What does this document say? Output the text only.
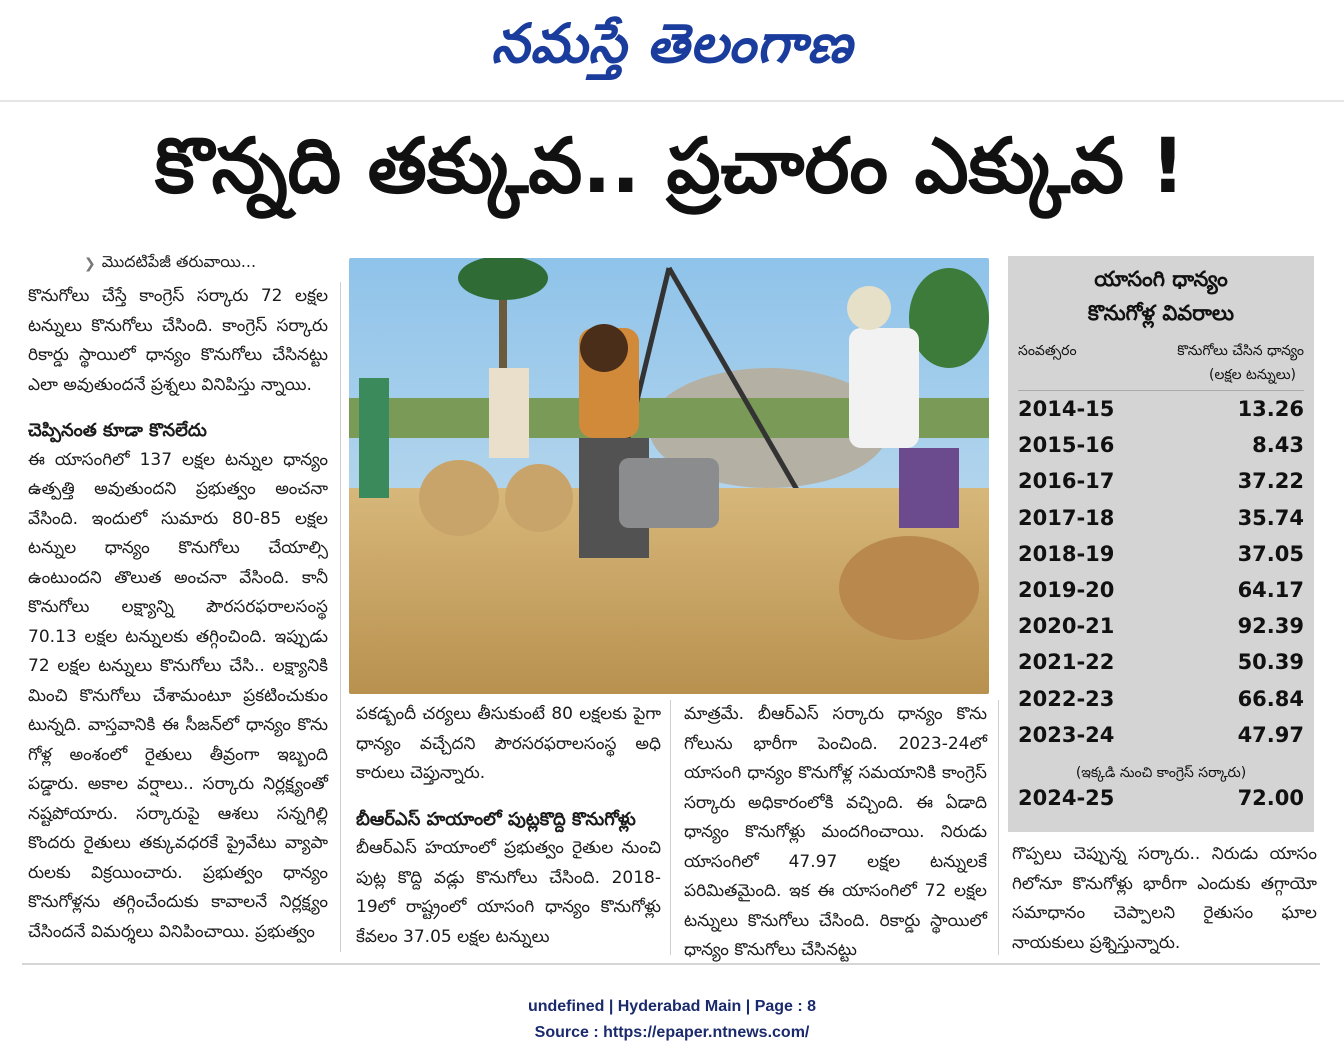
నమస్తే తెలంగాణ
కొన్నది తక్కువ.. ప్రచారం ఎక్కువ !
❯ మొదటిపేజీ తరువాయి...

కొనుగోలు చేస్తే కాంగ్రెస్ సర్కారు 72 లక్షల టన్నులు కొనుగోలు చేసింది. కాంగ్రెస్ సర్కారు రికార్డు స్థాయిలో ధాన్యం కొనుగోలు చేసినట్టు ఎలా అవుతుందనే ప్రశ్నలు వినిపిస్తు న్నాయి.

చెప్పినంత కూడా కొనలేదు

ఈ యాసంగిలో 137 లక్షల టన్నుల ధాన్యం ఉత్పత్తి అవుతుందని ప్రభుత్వం అంచనా వేసింది. ఇందులో సుమారు 80-85 లక్షల టన్నుల ధాన్యం కొనుగోలు చేయాల్సి ఉంటుందని తొలుత అంచనా వేసింది. కానీ కొనుగోలు లక్ష్యాన్ని పౌరసరఫరాలసంస్థ 70.13 లక్షల టన్నులకు తగ్గించింది. ఇప్పుడు 72 లక్షల టన్నులు కొనుగోలు చేసి.. లక్ష్యానికి మించి కొనుగోలు చేశామంటూ ప్రకటించుకుం టున్నది. వాస్తవానికి ఈ సీజన్‌లో ధాన్యం కొను గోళ్ల అంశంలో రైతులు తీవ్రంగా ఇబ్బంది పడ్డారు. అకాల వర్షాలు.. సర్కారు నిర్లక్ష్యంతో నష్టపోయారు. సర్కారుపై ఆశలు సన్నగిల్లి కొందరు రైతులు తక్కువధరకే ప్రైవేటు వ్యాపా రులకు విక్రయించారు. ప్రభుత్వం ధాన్యం కొనుగోళ్లను తగ్గించేందుకు కావాలనే నిర్లక్ష్యం చేసిందనే విమర్శలు వినిపించాయి. ప్రభుత్వం

పకడ్బందీ చర్యలు తీసుకుంటే 80 లక్షలకు పైగా ధాన్యం వచ్చేదని పౌరసరఫరాలసంస్థ అధి కారులు చెప్తున్నారు.

బీఆర్‌ఎస్ హయాంలో పుట్లకొద్ది కొనుగోళ్లు

బీఆర్‌ఎస్ హయాంలో ప్రభుత్వం రైతుల నుంచి పుట్ల కొద్ది వడ్లు కొనుగోలు చేసింది. 2018-19లో రాష్ట్రంలో యాసంగి ధాన్యం కొనుగోళ్లు కేవలం 37.05 లక్షల టన్నులు

మాత్రమే. బీఆర్‌ఎస్ సర్కారు ధాన్యం కొను గోలును భారీగా పెంచింది. 2023-24లో యాసంగి ధాన్యం కొనుగోళ్ల సమయానికి కాంగ్రెస్ సర్కారు అధికారంలోకి వచ్చింది. ఈ ఏడాది ధాన్యం కొనుగోళ్లు మందగించాయి. నిరుడు యాసంగిలో 47.97 లక్షల టన్నులకే పరిమితమైంది. ఇక ఈ యాసంగిలో 72 లక్షల టన్నులు కొనుగోలు చేసింది. రికార్డు స్థాయిలో ధాన్యం కొనుగోలు చేసినట్టు

యాసంగి ధాన్యం
కొనుగోళ్ల వివరాలు
సంవత్సరం	కొనుగోలు చేసిన ధాన్యం
(లక్షల టన్నులు)
2014-15	13.26
2015-16	8.43
2016-17	37.22
2017-18	35.74
2018-19	37.05
2019-20	64.17
2020-21	92.39
2021-22	50.39
2022-23	66.84
2023-24	47.97
(ఇక్కడి నుంచి కాంగ్రెస్ సర్కారు)
2024-25	72.00

గొప్పలు చెప్పున్న సర్కారు.. నిరుడు యాసం గిలోనూ కొనుగోళ్లు భారీగా ఎందుకు తగ్గాయో సమాధానం చెప్పాలని రైతుసం ఘాల నాయకులు ప్రశ్నిస్తున్నారు.

undefined | Hyderabad Main | Page : 8
Source : https://epaper.ntnews.com/
